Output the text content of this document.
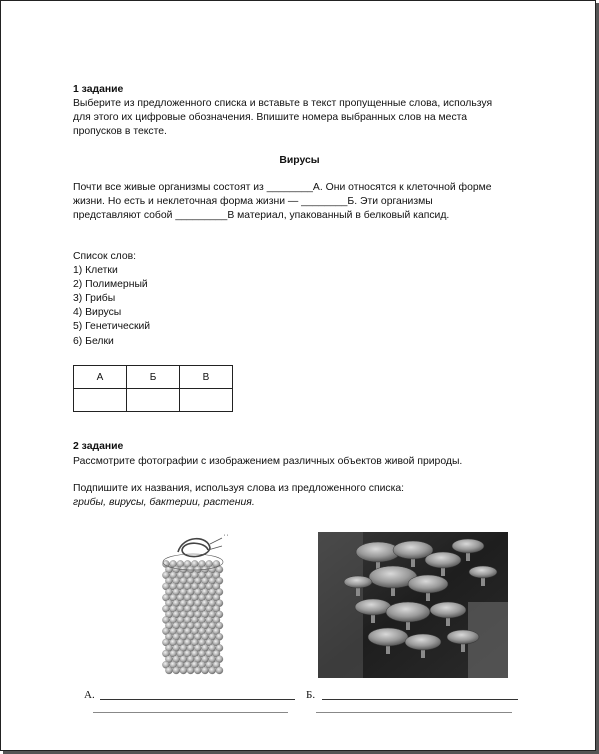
1 задание
Выберите из предложенного списка и вставьте в текст пропущенные слова, используя
для этого их цифровые обозначения. Впишите номера выбранных слов на места
пропусков в тексте.
Вирусы
Почти все живые организмы состоят из ________А. Они относятся к клеточной форме
жизни. Но есть и неклеточная форма жизни — ________Б. Эти организмы
представляют собой _________В материал, упакованный в белковый капсид.
Список слов:
1) Клетки
2) Полимерный
3) Грибы
4) Вирусы
5) Генетический
6) Белки
А	Б	В

2 задание
Рассмотрите фотографии с изображением различных объектов живой природы.
Подпишите их названия, используя слова из предложенного списка:
грибы, вирусы, бактерии, растения.
' '
А.	Б.
